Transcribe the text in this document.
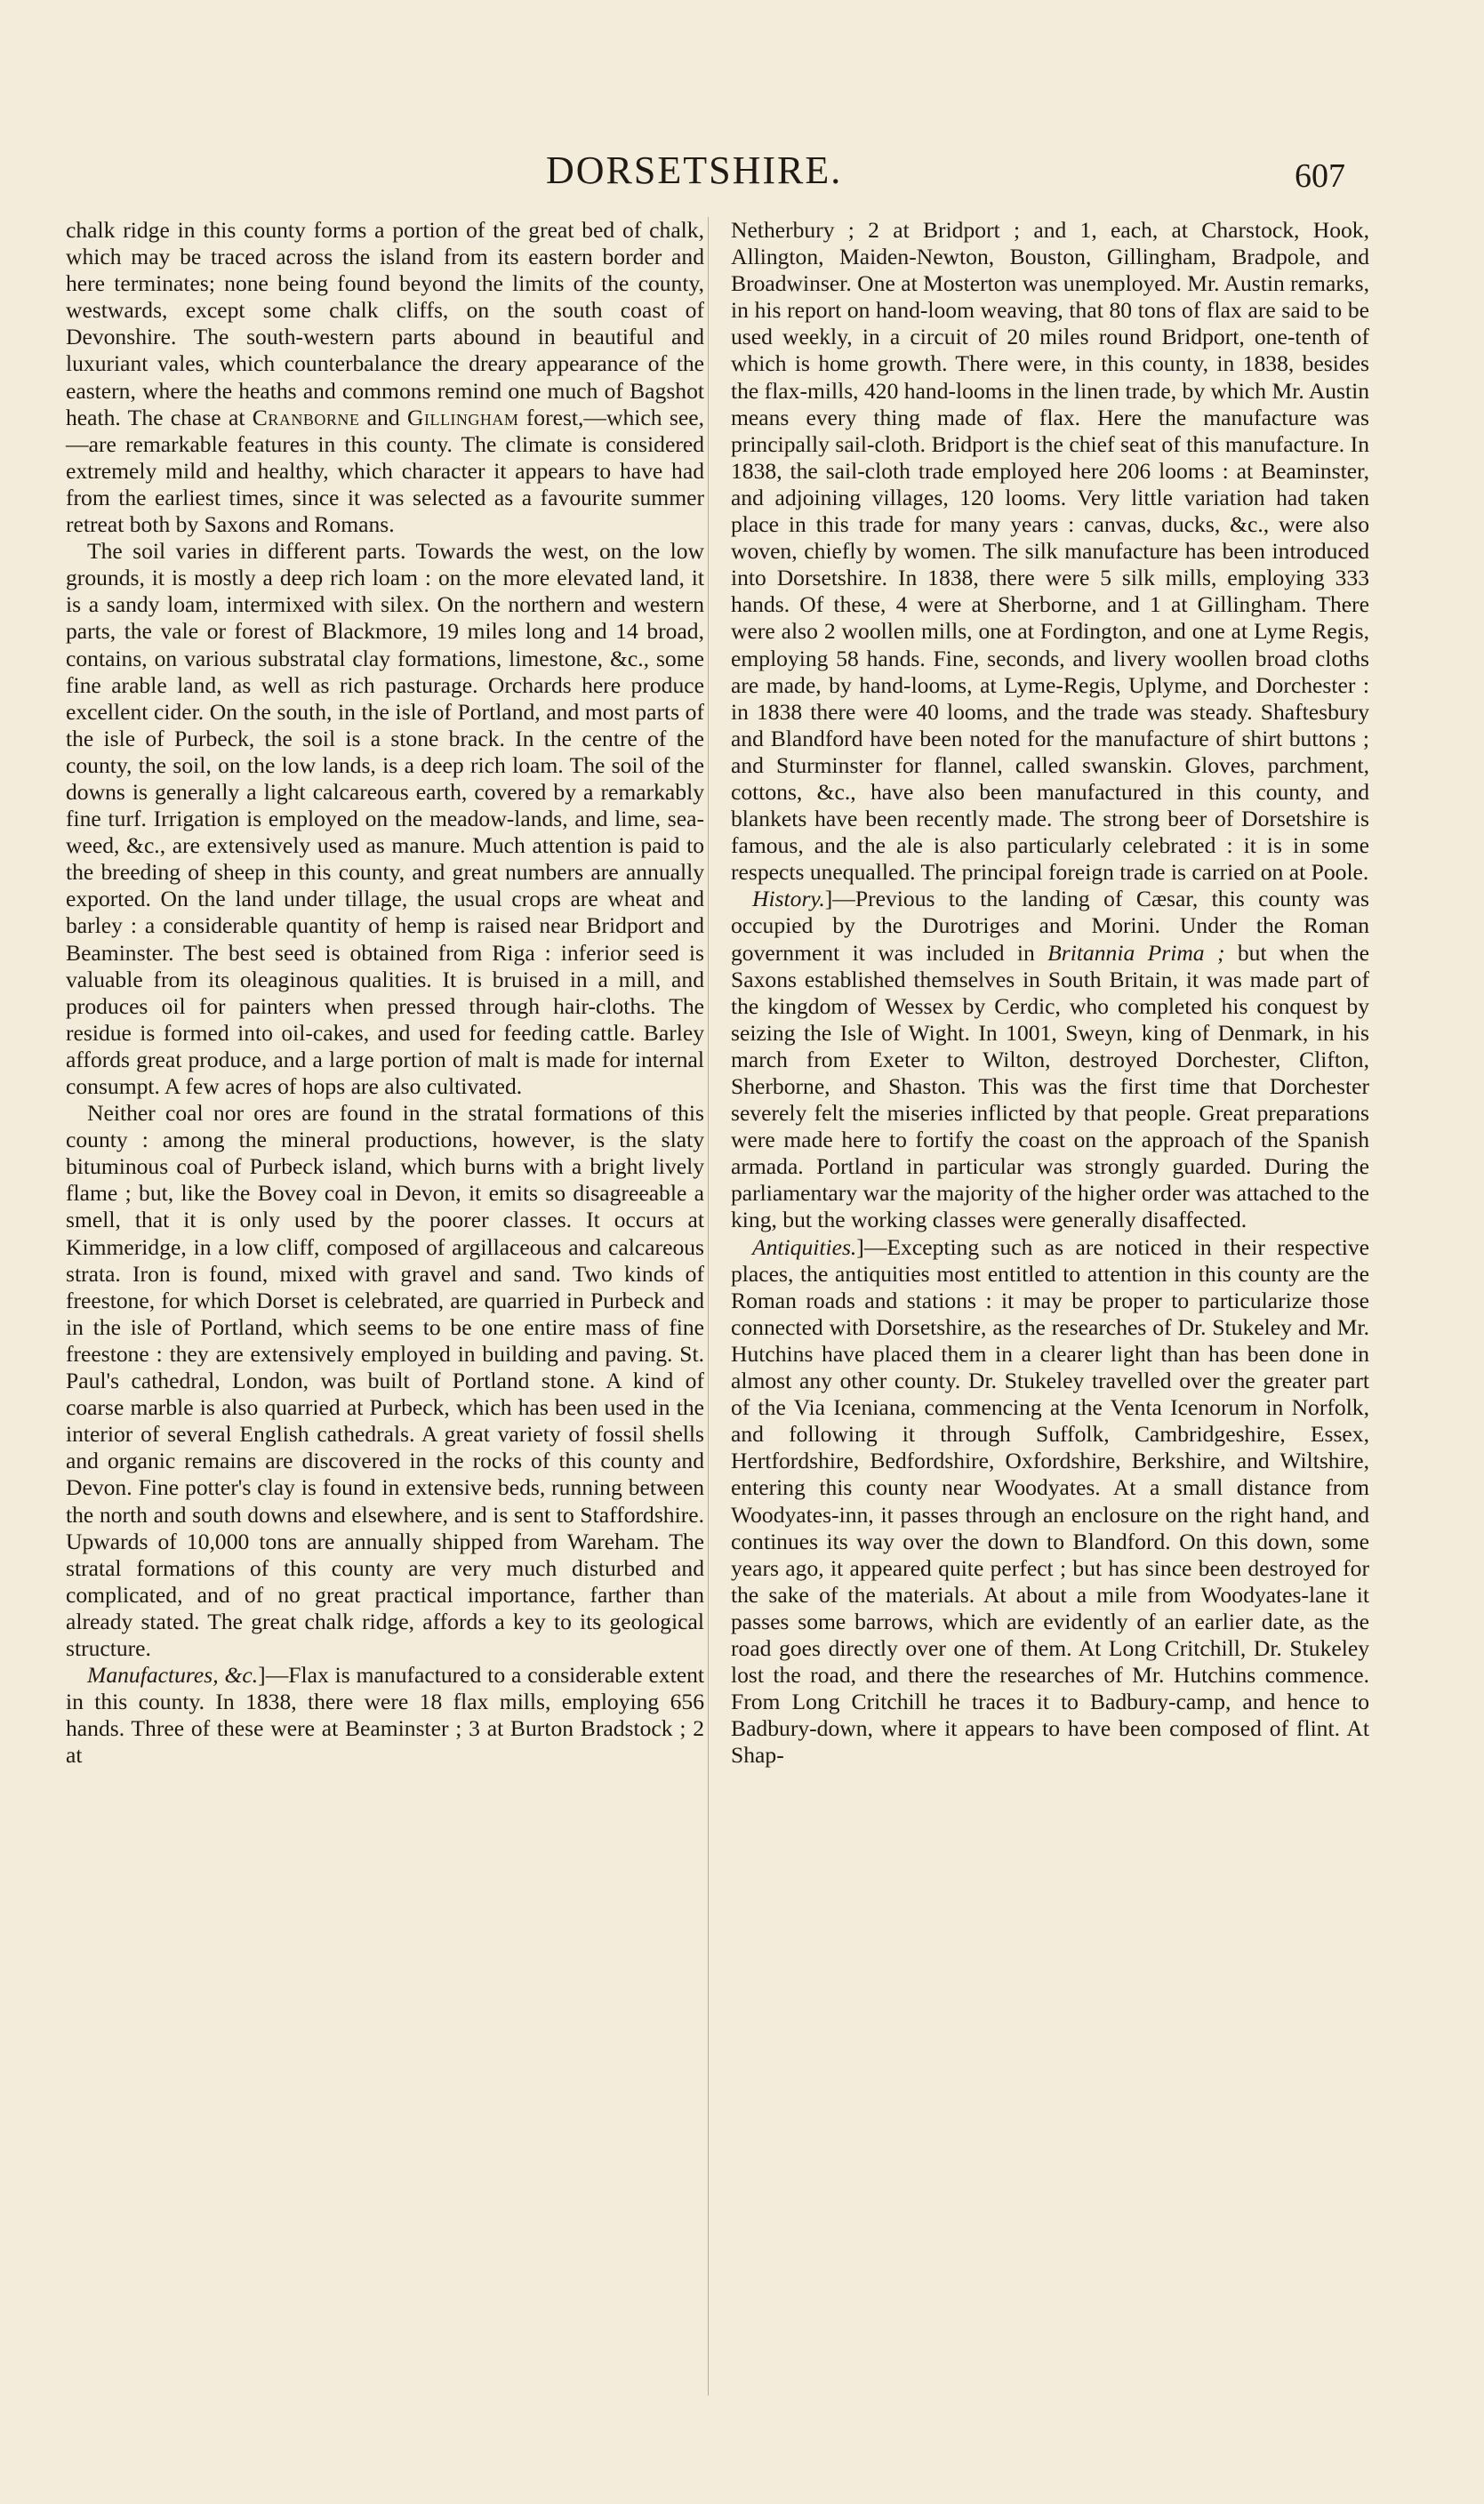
DORSETSHIRE.	607

chalk ridge in this county forms a portion of the great bed of chalk, which may be traced across the island from its eastern border and here terminates; none being found beyond the limits of the county, westwards, except some chalk cliffs, on the south coast of Devonshire. The south-western parts abound in beautiful and luxuriant vales, which counterbalance the dreary appearance of the eastern, where the heaths and commons remind one much of Bagshot heath. The chase at Cranborne and Gillingham forest,—which see,—are remarkable features in this county. The climate is considered extremely mild and healthy, which character it appears to have had from the earliest times, since it was selected as a favourite summer retreat both by Saxons and Romans.

The soil varies in different parts. Towards the west, on the low grounds, it is mostly a deep rich loam : on the more elevated land, it is a sandy loam, intermixed with silex. On the northern and western parts, the vale or forest of Blackmore, 19 miles long and 14 broad, contains, on various substratal clay formations, limestone, &c., some fine arable land, as well as rich pasturage. Orchards here produce excellent cider. On the south, in the isle of Portland, and most parts of the isle of Purbeck, the soil is a stone brack. In the centre of the county, the soil, on the low lands, is a deep rich loam. The soil of the downs is generally a light calcareous earth, covered by a remarkably fine turf. Irrigation is employed on the meadow-lands, and lime, sea-weed, &c., are extensively used as manure. Much attention is paid to the breeding of sheep in this county, and great numbers are annually exported. On the land under tillage, the usual crops are wheat and barley : a considerable quantity of hemp is raised near Bridport and Beaminster. The best seed is obtained from Riga : inferior seed is valuable from its oleaginous qualities. It is bruised in a mill, and produces oil for painters when pressed through hair-cloths. The residue is formed into oil-cakes, and used for feeding cattle. Barley affords great produce, and a large portion of malt is made for internal consumpt. A few acres of hops are also cultivated.

Neither coal nor ores are found in the stratal formations of this county : among the mineral productions, however, is the slaty bituminous coal of Purbeck island, which burns with a bright lively flame ; but, like the Bovey coal in Devon, it emits so disagreeable a smell, that it is only used by the poorer classes. It occurs at Kimmeridge, in a low cliff, composed of argillaceous and calcareous strata. Iron is found, mixed with gravel and sand. Two kinds of freestone, for which Dorset is celebrated, are quarried in Purbeck and in the isle of Portland, which seems to be one entire mass of fine freestone : they are extensively employed in building and paving. St. Paul's cathedral, London, was built of Portland stone. A kind of coarse marble is also quarried at Purbeck, which has been used in the interior of several English cathedrals. A great variety of fossil shells and organic remains are discovered in the rocks of this county and Devon. Fine potter's clay is found in extensive beds, running between the north and south downs and elsewhere, and is sent to Staffordshire. Upwards of 10,000 tons are annually shipped from Wareham. The stratal formations of this county are very much disturbed and complicated, and of no great practical importance, farther than already stated. The great chalk ridge, affords a key to its geological structure.

Manufactures, &c.]—Flax is manufactured to a considerable extent in this county. In 1838, there were 18 flax mills, employing 656 hands. Three of these were at Beaminster ; 3 at Burton Bradstock ; 2 at

Netherbury ; 2 at Bridport ; and 1, each, at Charstock, Hook, Allington, Maiden-Newton, Bouston, Gillingham, Bradpole, and Broadwinser. One at Mosterton was unemployed. Mr. Austin remarks, in his report on hand-loom weaving, that 80 tons of flax are said to be used weekly, in a circuit of 20 miles round Bridport, one-tenth of which is home growth. There were, in this county, in 1838, besides the flax-mills, 420 hand-looms in the linen trade, by which Mr. Austin means every thing made of flax. Here the manufacture was principally sail-cloth. Bridport is the chief seat of this manufacture. In 1838, the sail-cloth trade employed here 206 looms : at Beaminster, and adjoining villages, 120 looms. Very little variation had taken place in this trade for many years : canvas, ducks, &c., were also woven, chiefly by women. The silk manufacture has been introduced into Dorsetshire. In 1838, there were 5 silk mills, employing 333 hands. Of these, 4 were at Sherborne, and 1 at Gillingham. There were also 2 woollen mills, one at Fordington, and one at Lyme Regis, employing 58 hands. Fine, seconds, and livery woollen broad cloths are made, by hand-looms, at Lyme-Regis, Uplyme, and Dorchester : in 1838 there were 40 looms, and the trade was steady. Shaftesbury and Blandford have been noted for the manufacture of shirt buttons ; and Sturminster for flannel, called swanskin. Gloves, parchment, cottons, &c., have also been manufactured in this county, and blankets have been recently made. The strong beer of Dorsetshire is famous, and the ale is also particularly celebrated : it is in some respects unequalled. The principal foreign trade is carried on at Poole.

History.]—Previous to the landing of Cæsar, this county was occupied by the Durotriges and Morini. Under the Roman government it was included in Britannia Prima ; but when the Saxons established themselves in South Britain, it was made part of the kingdom of Wessex by Cerdic, who completed his conquest by seizing the Isle of Wight. In 1001, Sweyn, king of Denmark, in his march from Exeter to Wilton, destroyed Dorchester, Clifton, Sherborne, and Shaston. This was the first time that Dorchester severely felt the miseries inflicted by that people. Great preparations were made here to fortify the coast on the approach of the Spanish armada. Portland in particular was strongly guarded. During the parliamentary war the majority of the higher order was attached to the king, but the working classes were generally disaffected.

Antiquities.]—Excepting such as are noticed in their respective places, the antiquities most entitled to attention in this county are the Roman roads and stations : it may be proper to particularize those connected with Dorsetshire, as the researches of Dr. Stukeley and Mr. Hutchins have placed them in a clearer light than has been done in almost any other county. Dr. Stukeley travelled over the greater part of the Via Iceniana, commencing at the Venta Icenorum in Norfolk, and following it through Suffolk, Cambridgeshire, Essex, Hertfordshire, Bedfordshire, Oxfordshire, Berkshire, and Wiltshire, entering this county near Woodyates. At a small distance from Woodyates-inn, it passes through an enclosure on the right hand, and continues its way over the down to Blandford. On this down, some years ago, it appeared quite perfect ; but has since been destroyed for the sake of the materials. At about a mile from Woodyates-lane it passes some barrows, which are evidently of an earlier date, as the road goes directly over one of them. At Long Critchill, Dr. Stukeley lost the road, and there the researches of Mr. Hutchins commence. From Long Critchill he traces it to Badbury-camp, and hence to Badbury-down, where it appears to have been composed of flint. At Shap-
